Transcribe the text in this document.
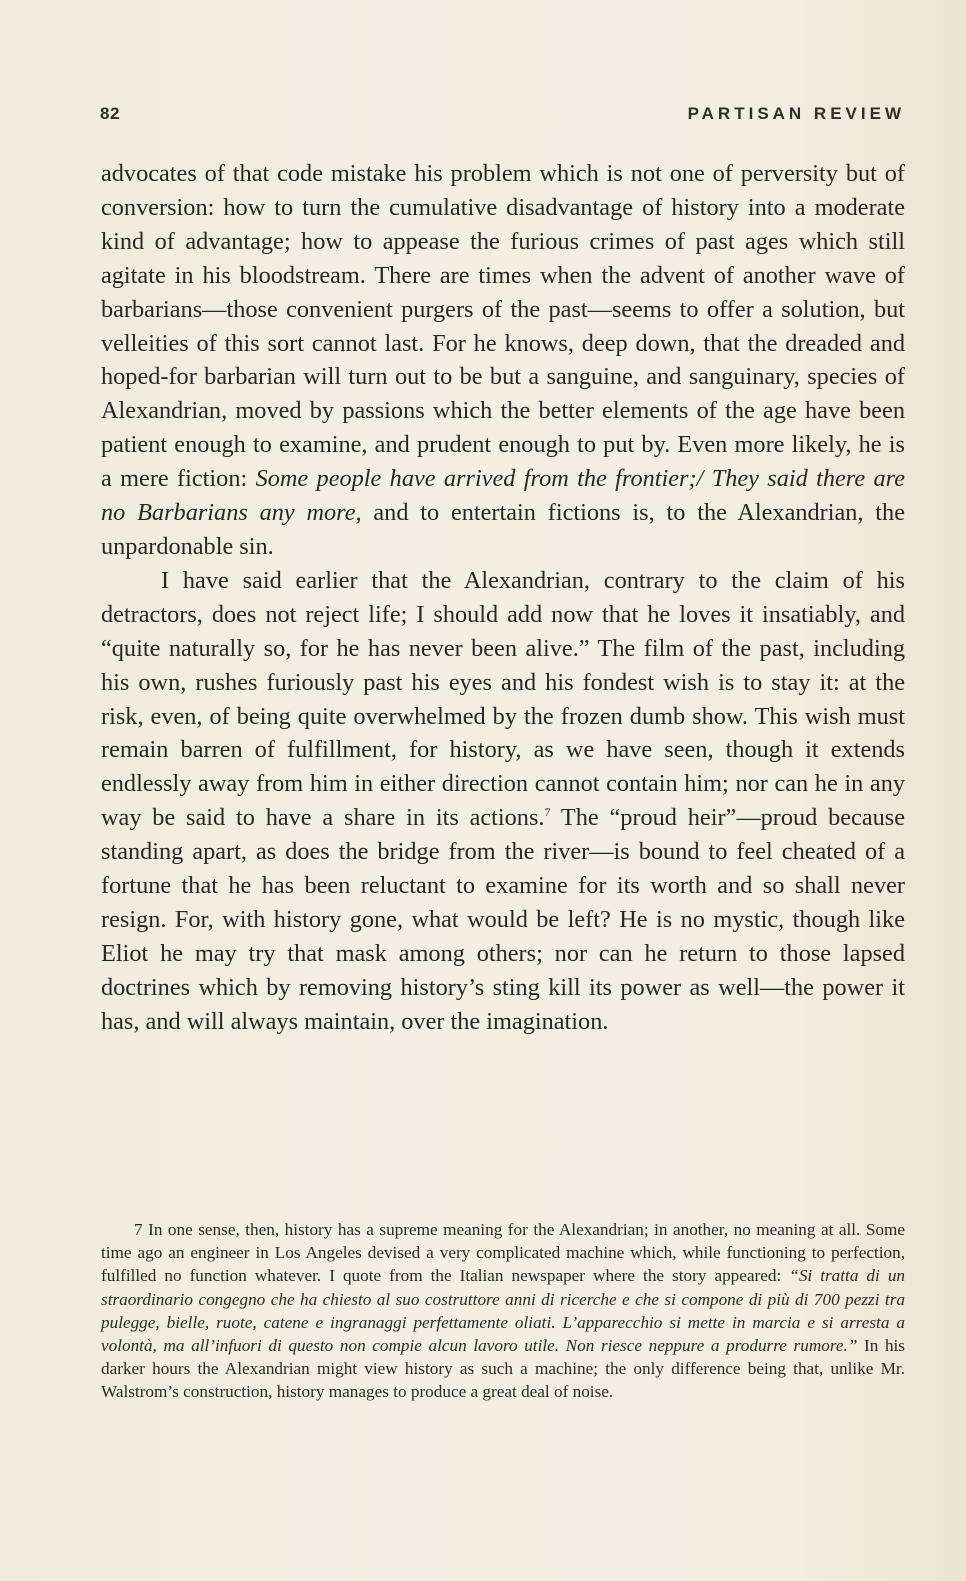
82	PARTISAN REVIEW

advocates of that code mistake his problem which is not one of perversity but of conversion: how to turn the cumulative disadvantage of history into a moderate kind of advantage; how to appease the furious crimes of past ages which still agitate in his bloodstream. There are times when the advent of another wave of barbarians—those convenient purgers of the past—seems to offer a solution, but velleities of this sort cannot last. For he knows, deep down, that the dreaded and hoped-for barbarian will turn out to be but a sanguine, and sanguinary, species of Alexandrian, moved by passions which the better elements of the age have been patient enough to examine, and prudent enough to put by. Even more likely, he is a mere fiction: Some people have arrived from the frontier;/ They said there are no Barbarians any more, and to entertain fictions is, to the Alexandrian, the unpardonable sin.

I have said earlier that the Alexandrian, contrary to the claim of his detractors, does not reject life; I should add now that he loves it insatiably, and “quite naturally so, for he has never been alive.” The film of the past, including his own, rushes furiously past his eyes and his fondest wish is to stay it: at the risk, even, of being quite overwhelmed by the frozen dumb show. This wish must remain barren of fulfillment, for history, as we have seen, though it extends endlessly away from him in either direction cannot contain him; nor can he in any way be said to have a share in its actions.$^7$ The “proud heir”—proud because standing apart, as does the bridge from the river—is bound to feel cheated of a fortune that he has been reluctant to examine for its worth and so shall never resign. For, with history gone, what would be left? He is no mystic, though like Eliot he may try that mask among others; nor can he return to those lapsed doctrines which by removing history’s sting kill its power as well—the power it has, and will always maintain, over the imagination.

7 In one sense, then, history has a supreme meaning for the Alexandrian; in another, no meaning at all. Some time ago an engineer in Los Angeles devised a very complicated machine which, while functioning to perfection, fulfilled no function whatever. I quote from the Italian newspaper where the story appeared: “Si tratta di un straordinario congegno che ha chiesto al suo costruttore anni di ricerche e che si compone di più di 700 pezzi tra pulegge, bielle, ruote, catene e ingranaggi perfettamente oliati. L’apparecchio si mette in marcia e si arresta a volontà, ma all’infuori di questo non compie alcun lavoro utile. Non riesce neppure a produrre rumore.” In his darker hours the Alexandrian might view history as such a machine; the only difference being that, unlike Mr. Walstrom’s construction, history manages to produce a great deal of noise.
